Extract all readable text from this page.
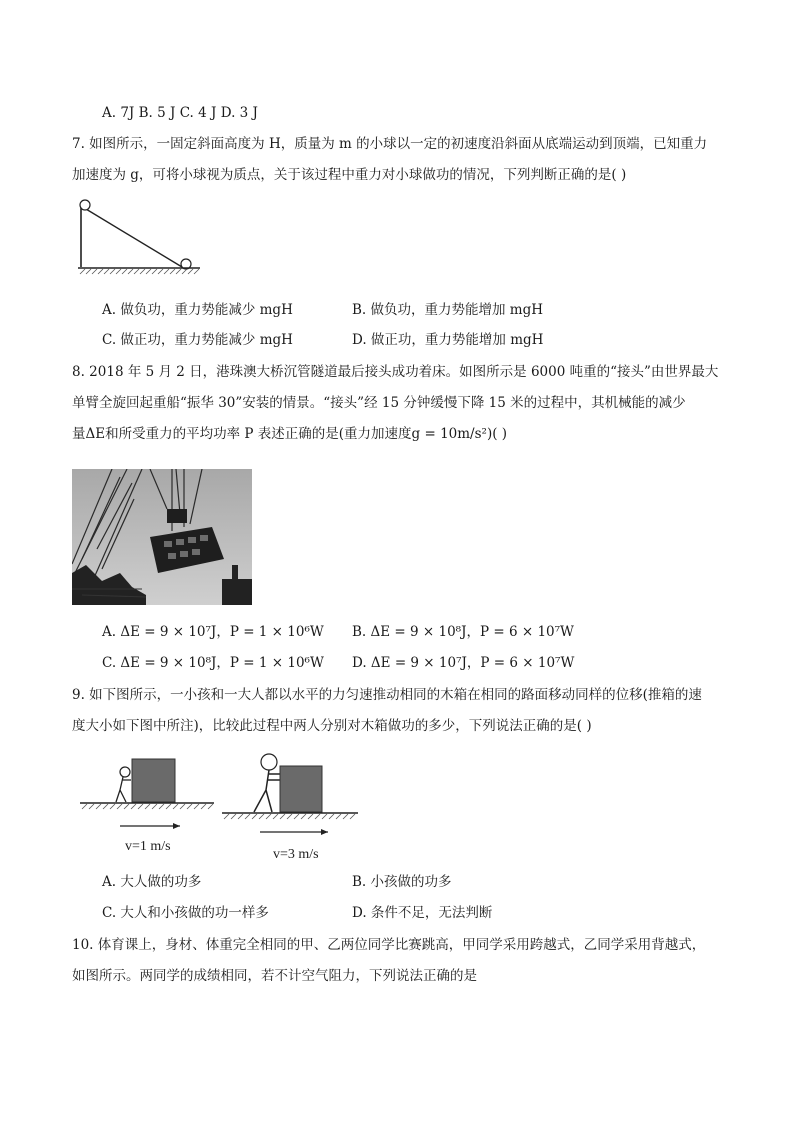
A. 7J B. 5 J C. 4 J D. 3 J
7. 如图所示，一固定斜面高度为 H，质量为 m 的小球以一定的初速度沿斜面从底端运动到顶端，已知重力
加速度为 g，可将小球视为质点，关于该过程中重力对小球做功的情况，下列判断正确的是( )
A. 做负功，重力势能减少 mgH	B. 做负功，重力势能增加 mgH
C. 做正功，重力势能减少 mgH	D. 做正功，重力势能增加 mgH
8. 2018 年 5 月 2 日，港珠澳大桥沉管隧道最后接头成功着床。如图所示是 6000 吨重的“接头”由世界最大
单臂全旋回起重船“振华 30”安装的情景。“接头”经 15 分钟缓慢下降 15 米的过程中，其机械能的减少
量ΔE和所受重力的平均功率 P 表述正确的是(重力加速度g = 10m/s²)( )
A. ΔE = 9 × 10⁷J，P = 1 × 10⁶W B. ΔE = 9 × 10⁸J，P = 6 × 10⁷W
C. ΔE = 9 × 10⁸J，P = 1 × 10⁶W D. ΔE = 9 × 10⁷J，P = 6 × 10⁷W
9. 如下图所示，一小孩和一大人都以水平的力匀速推动相同的木箱在相同的路面移动同样的位移(推箱的速
度大小如下图中所注)，比较此过程中两人分别对木箱做功的多少，下列说法正确的是( )
v=1 m/s
v=3 m/s
A. 大人做的功多	B. 小孩做的功多
C. 大人和小孩做的功一样多	D. 条件不足，无法判断
10. 体育课上，身材、体重完全相同的甲、乙两位同学比赛跳高，甲同学采用跨越式，乙同学采用背越式，
如图所示。两同学的成绩相同，若不计空气阻力，下列说法正确的是
